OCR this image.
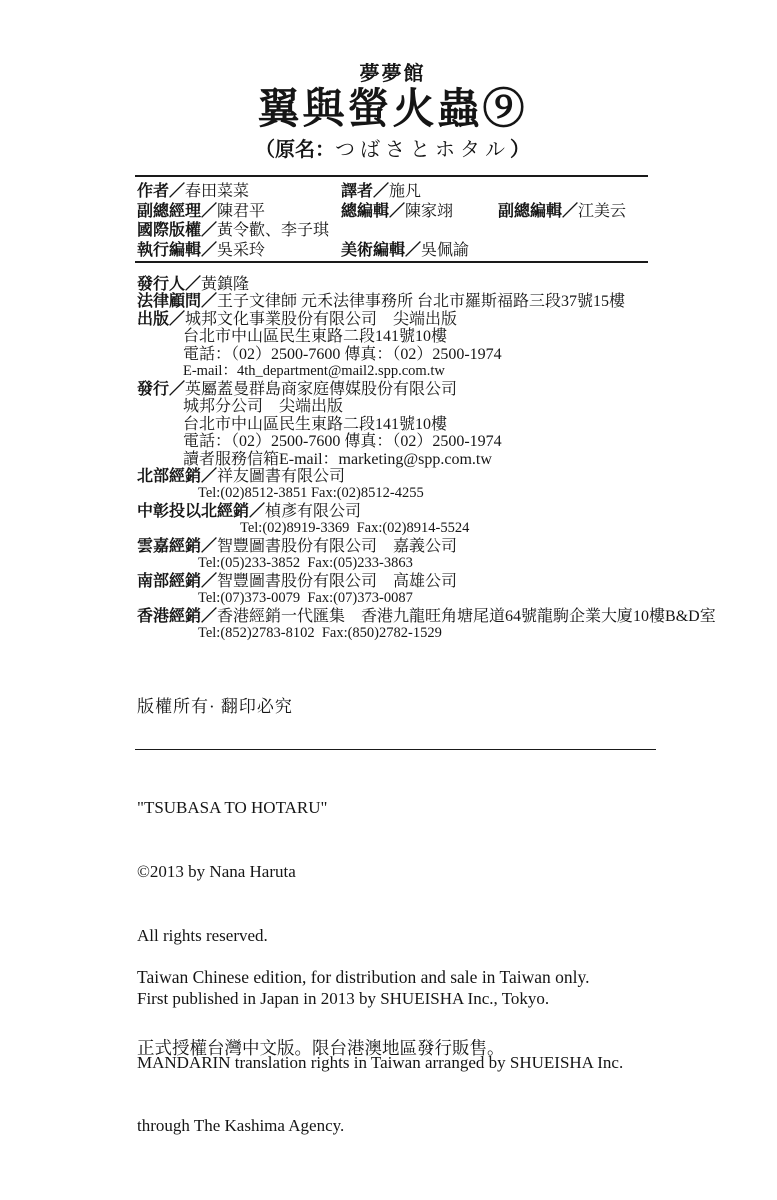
夢夢館
翼與螢火蟲⑨
（原名：つばさとホタル）
作者／春田菜菜	譯者／施凡
副總經理／陳君平	總編輯／陳家翊	副總編輯／江美云
國際版權／黃令歡、李子琪
執行編輯／吳采玲	美術編輯／吳佩諭
發行人／黃鎮隆
法律顧問／王子文律師 元禾法律事務所 台北市羅斯福路三段37號15樓
出版／城邦文化事業股份有限公司　尖端出版
台北市中山區民生東路二段141號10樓
電話：（02）2500-7600 傳真：（02）2500-1974
E-mail：4th_department@mail2.spp.com.tw
發行／英屬蓋曼群島商家庭傳媒股份有限公司
城邦分公司　尖端出版
台北市中山區民生東路二段141號10樓
電話：（02）2500-7600 傳真：（02）2500-1974
讀者服務信箱E-mail：marketing@spp.com.tw
北部經銷／祥友圖書有限公司
Tel:(02)8512-3851 Fax:(02)8512-4255
中彰投以北經銷／楨彥有限公司
Tel:(02)8919-3369  Fax:(02)8914-5524
雲嘉經銷／智豐圖書股份有限公司　嘉義公司
Tel:(05)233-3852  Fax:(05)233-3863
南部經銷／智豐圖書股份有限公司　高雄公司
Tel:(07)373-0079  Fax:(07)373-0087
香港經銷／香港經銷一代匯集　香港九龍旺角塘尾道64號龍駒企業大廈10樓B&D室
Tel:(852)2783-8102  Fax:(850)2782-1529
版權所有· 翻印必究

"TSUBASA TO HOTARU"

©2013 by Nana Haruta

All rights reserved.

First published in Japan in 2013 by SHUEISHA Inc., Tokyo.

MANDARIN translation rights in Taiwan arranged by SHUEISHA Inc.

through The Kashima Agency.

Taiwan Chinese edition, for distribution and sale in Taiwan only.

正式授權台灣中文版。限台港澳地區發行販售。
